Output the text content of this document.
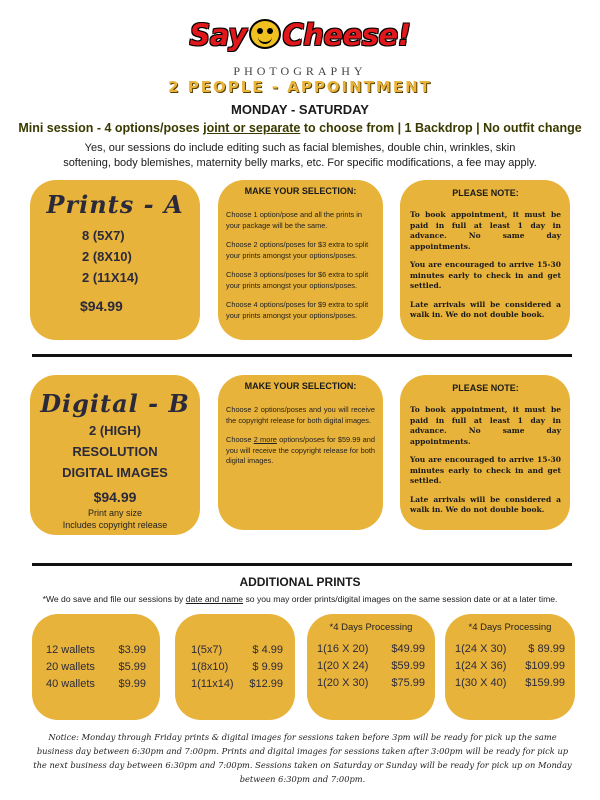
Say Cheese!
PHOTOGRAPHY
2 PEOPLE - APPOINTMENT
MONDAY - SATURDAY
Mini session - 4 options/poses joint or separate to choose from | 1 Backdrop | No outfit change
Yes, our sessions do include editing such as facial blemishes, double chin, wrinkles, skin softening, body blemishes, maternity belly marks, etc. For specific modifications, a fee may apply.
Prints - A
8 (5X7)
2 (8X10)
2 (11X14)
$94.99
MAKE YOUR SELECTION:
Choose 1 option/pose and all the prints in your package will be the same.
Choose 2 options/poses for $3 extra to split your prints amongst your options/poses.
Choose 3 options/poses for $6 extra to split your prints amongst your options/poses.
Choose 4 options/poses for $9 extra to split your prints amongst your options/poses.
PLEASE NOTE:
To book appointment, it must be paid in full at least 1 day in advance. No same day appointments.
You are encouraged to arrive 15-30 minutes early to check in and get settled.
Late arrivals will be considered a walk in. We do not double book.
Digital - B
2 (HIGH)
RESOLUTION
DIGITAL IMAGES
$94.99
Print any size
Includes copyright release
MAKE YOUR SELECTION:
Choose 2 options/poses and you will receive the copyright release for both digital images.
Choose 2 more options/poses for $59.99 and you will receive the copyright release for both digital images.
PLEASE NOTE:
To book appointment, it must be paid in full at least 1 day in advance. No same day appointments.
You are encouraged to arrive 15-30 minutes early to check in and get settled.
Late arrivals will be considered a walk in. We do not double book.
ADDITIONAL PRINTS
*We do save and file our sessions by date and name so you may order prints/digital images on the same session date or at a later time.
12 wallets $3.99
20 wallets $5.99
40 wallets $9.99
1(5x7)	$ 4.99
1(8x10) $ 9.99
1(11x14) $12.99
*4 Days Processing
1(16 X 20) $49.99
1(20 X 24) $59.99
1(20 X 30) $75.99
*4 Days Processing
1(24 X 30) $ 89.99
1(24 X 36) $109.99
1(30 X 40) $159.99
Notice: Monday through Friday prints & digital images for sessions taken before 3pm will be ready for pick up the same business day between 6:30pm and 7:00pm. Prints and digital images for sessions taken after 3:00pm will be ready for pick up the next business day between 6:30pm and 7:00pm. Sessions taken on Saturday or Sunday will be ready for pick up on Monday between 6:30pm and 7:00pm.
